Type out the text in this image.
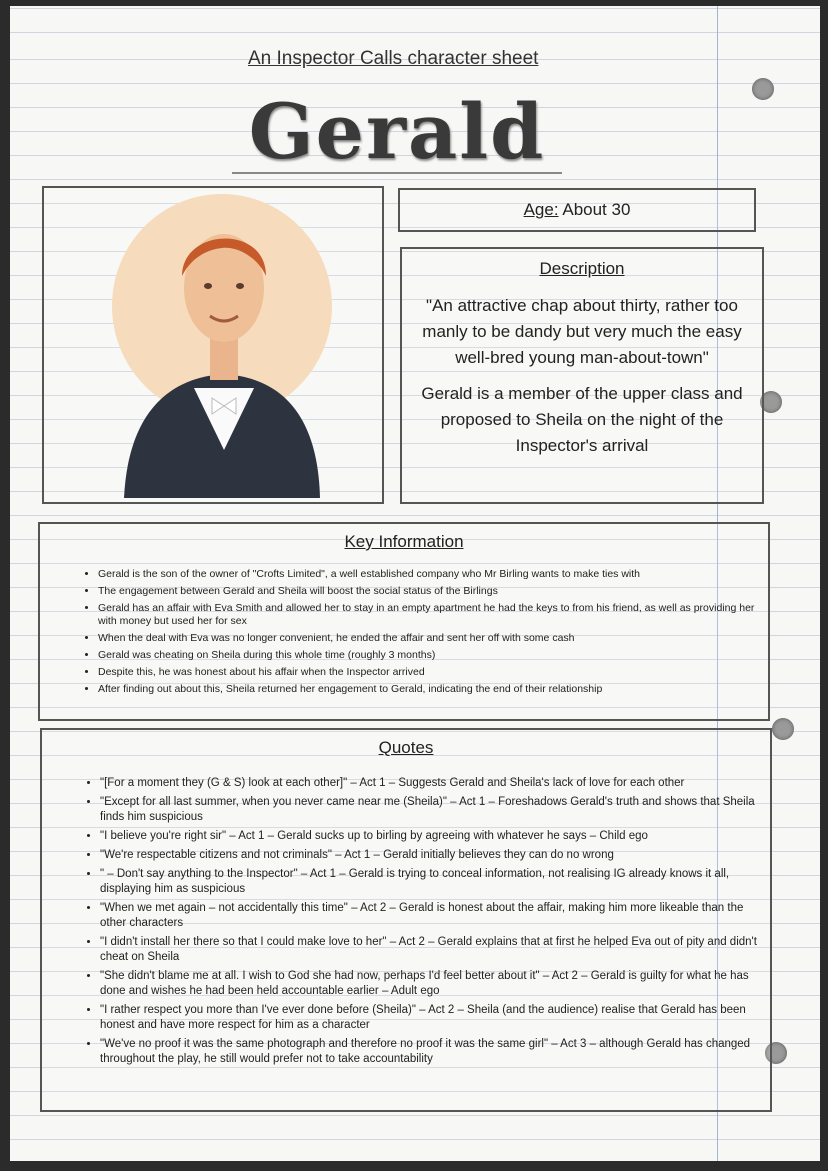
An Inspector Calls character sheet
Gerald
Age: About 30
Description
"An attractive chap about thirty, rather too manly to be dandy but very much the easy well-bred young man-about-town"
Gerald is a member of the upper class and proposed to Sheila on the night of the Inspector's arrival
Key Information
• Gerald is the son of the owner of "Crofts Limited", a well established company who Mr Birling wants to make ties with
• The engagement between Gerald and Sheila will boost the social status of the Birlings
• Gerald has an affair with Eva Smith and allowed her to stay in an empty apartment he had the keys to from his friend, as well as providing her with money but used her for sex
• When the deal with Eva was no longer convenient, he ended the affair and sent her off with some cash
• Gerald was cheating on Sheila during this whole time (roughly 3 months)
• Despite this, he was honest about his affair when the Inspector arrived
• After finding out about this, Sheila returned her engagement to Gerald, indicating the end of their relationship
Quotes
• "[For a moment they (G & S) look at each other]" – Act 1 – Suggests Gerald and Sheila's lack of love for each other
• "Except for all last summer, when you never came near me (Sheila)" – Act 1 – Foreshadows Gerald's truth and shows that Sheila finds him suspicious
• "I believe you're right sir" – Act 1 – Gerald sucks up to birling by agreeing with whatever he says – Child ego
• "We're respectable citizens and not criminals" – Act 1 – Gerald initially believes they can do no wrong
• " – Don't say anything to the Inspector" – Act 1 – Gerald is trying to conceal information, not realising IG already knows it all, displaying him as suspicious
• "When we met again – not accidentally this time" – Act 2 – Gerald is honest about the affair, making him more likeable than the other characters
• "I didn't install her there so that I could make love to her" – Act 2 – Gerald explains that at first he helped Eva out of pity and didn't cheat on Sheila
• "She didn't blame me at all. I wish to God she had now, perhaps I'd feel better about it" – Act 2 – Gerald is guilty for what he has done and wishes he had been held accountable earlier – Adult ego
• "I rather respect you more than I've ever done before (Sheila)" – Act 2 – Sheila (and the audience) realise that Gerald has been honest and have more respect for him as a character
• "We've no proof it was the same photograph and therefore no proof it was the same girl" – Act 3 – although Gerald has changed throughout the play, he still would prefer not to take accountability
